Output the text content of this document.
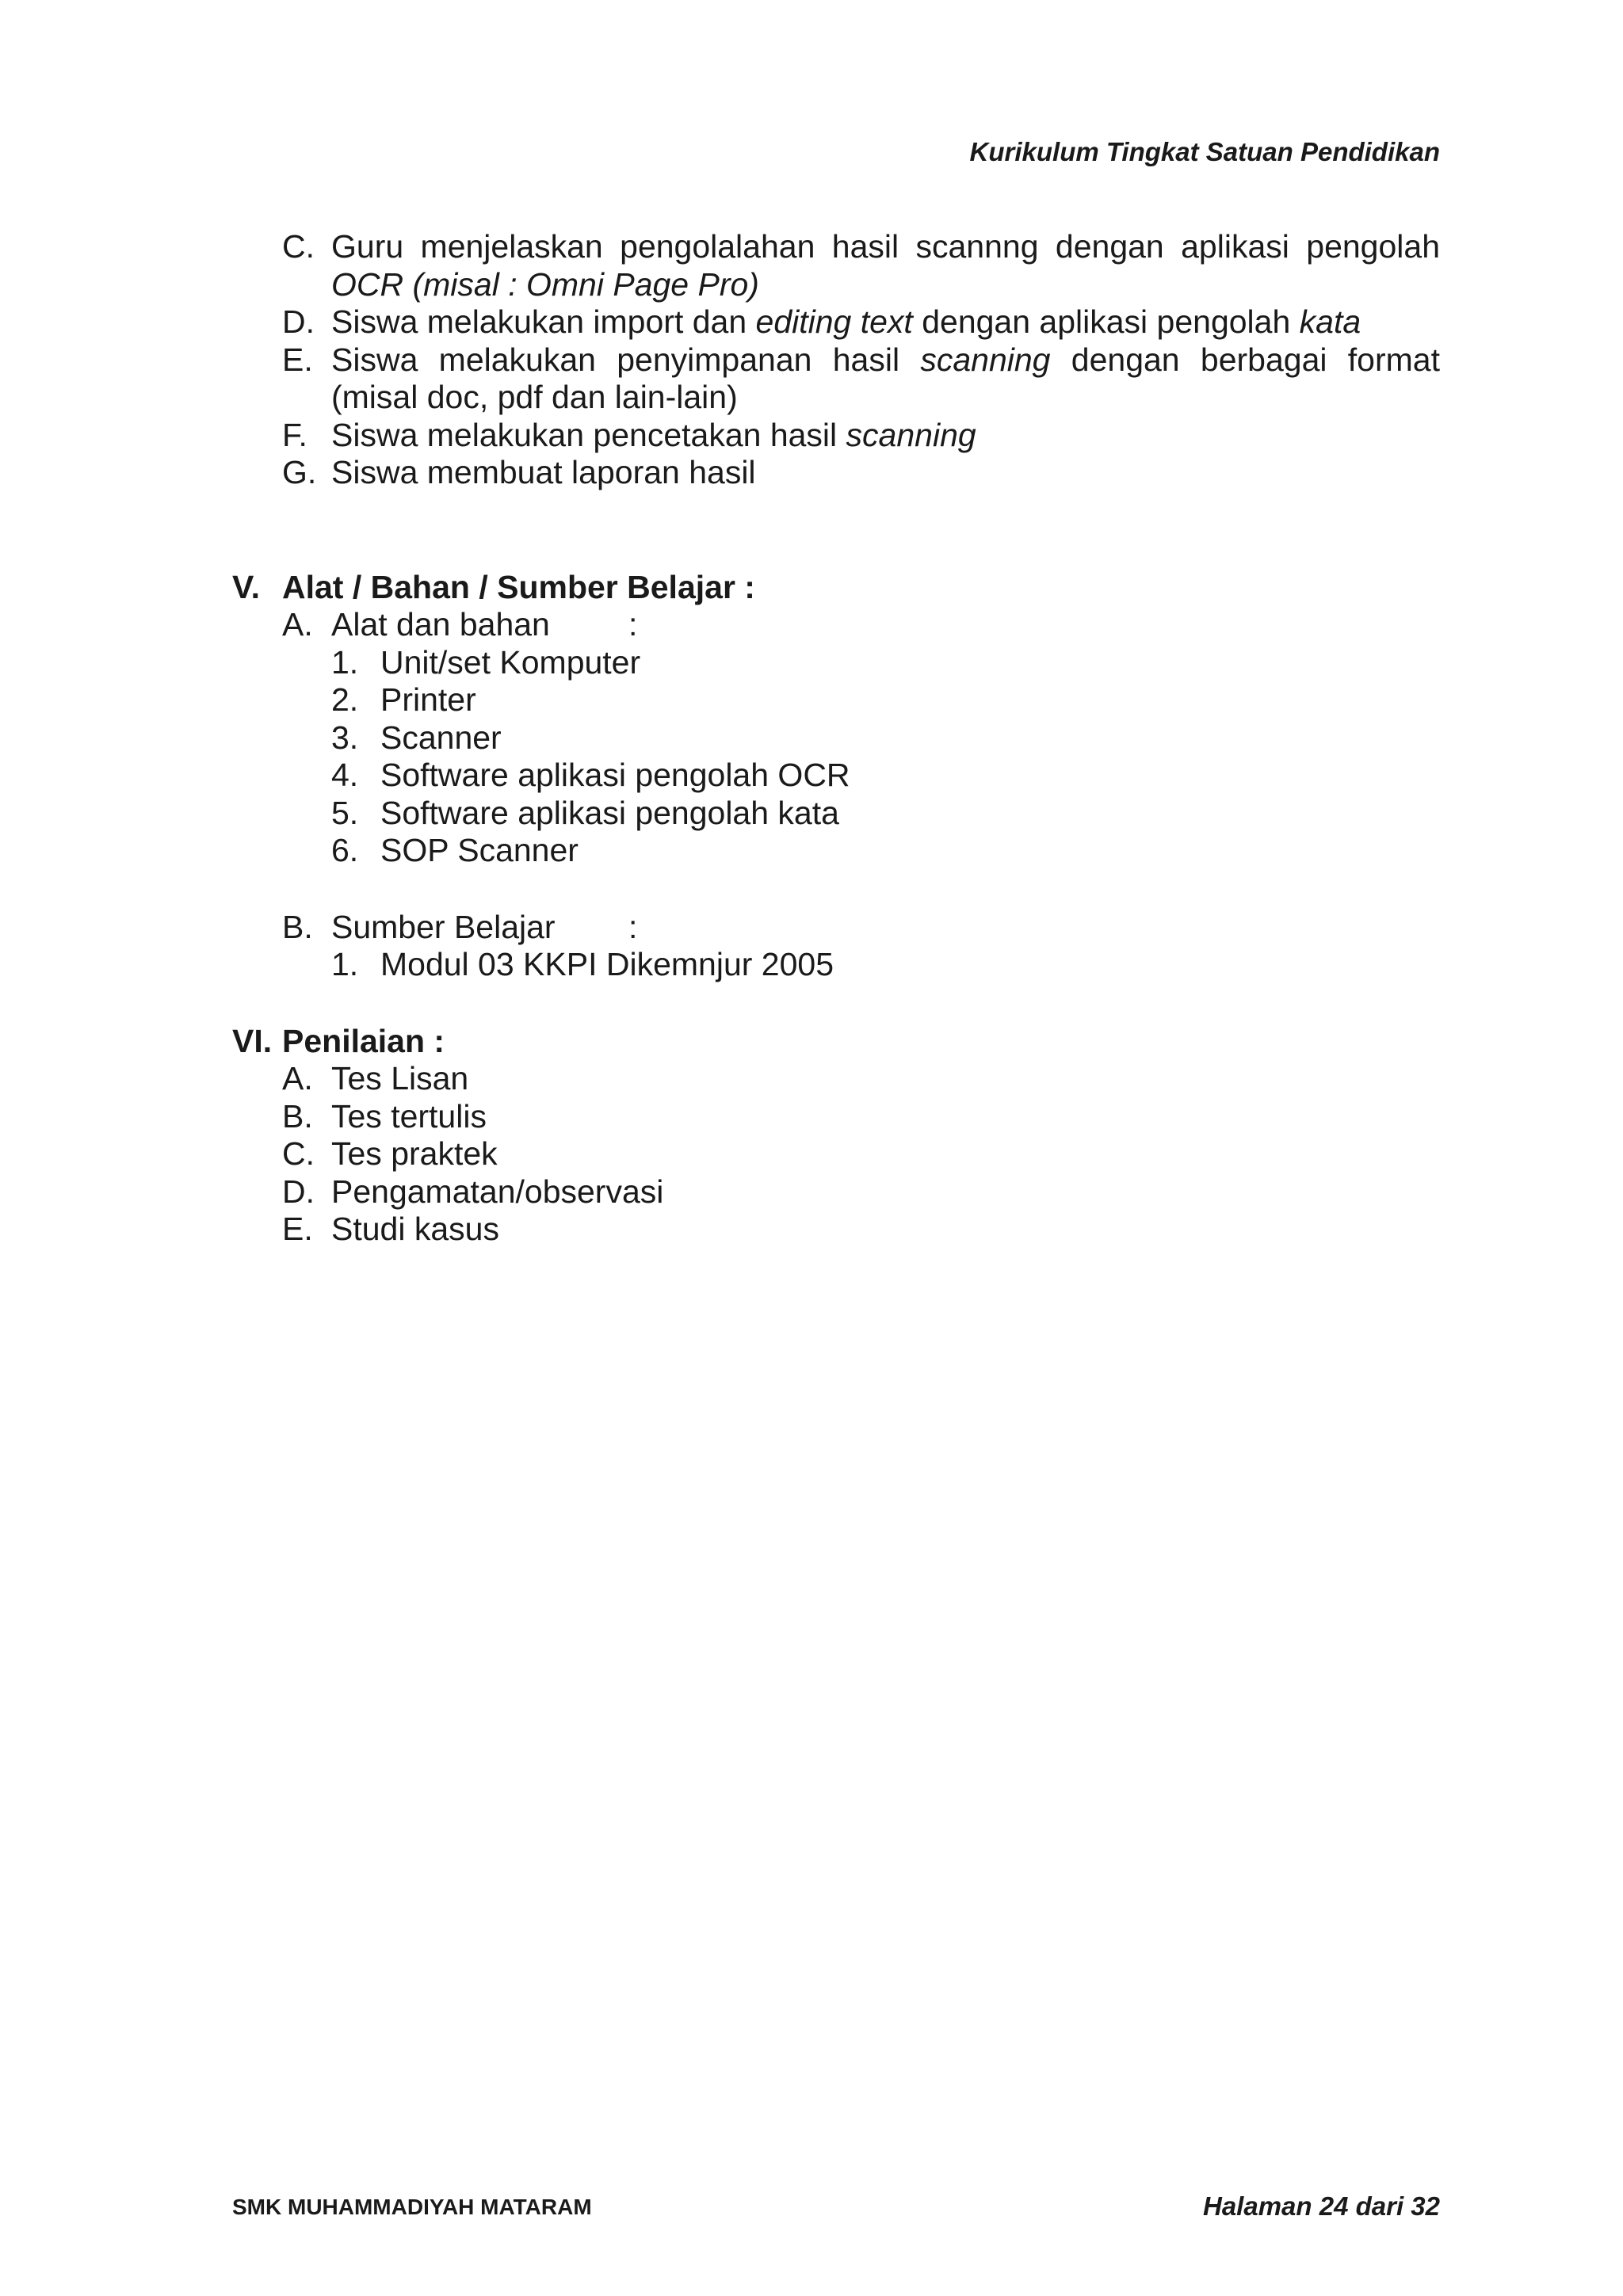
Kurikulum Tingkat Satuan Pendidikan
C. Guru menjelaskan pengolalahan hasil scannng dengan aplikasi pengolah
OCR (misal : Omni Page Pro)
D. Siswa melakukan import dan editing text dengan aplikasi pengolah kata
E. Siswa melakukan penyimpanan hasil scanning dengan berbagai format
(misal doc, pdf dan lain-lain)
F. Siswa melakukan pencetakan hasil scanning
G. Siswa membuat laporan hasil
V. Alat / Bahan / Sumber Belajar :
A. Alat dan bahan :
1. Unit/set Komputer
2. Printer
3. Scanner
4. Software aplikasi pengolah OCR
5. Software aplikasi pengolah kata
6. SOP Scanner
B. Sumber Belajar :
1. Modul 03 KKPI Dikemnjur 2005
VI. Penilaian :
A. Tes Lisan
B. Tes tertulis
C. Tes praktek
D. Pengamatan/observasi
E. Studi kasus
SMK MUHAMMADIYAH MATARAM	Halaman 24 dari 32
